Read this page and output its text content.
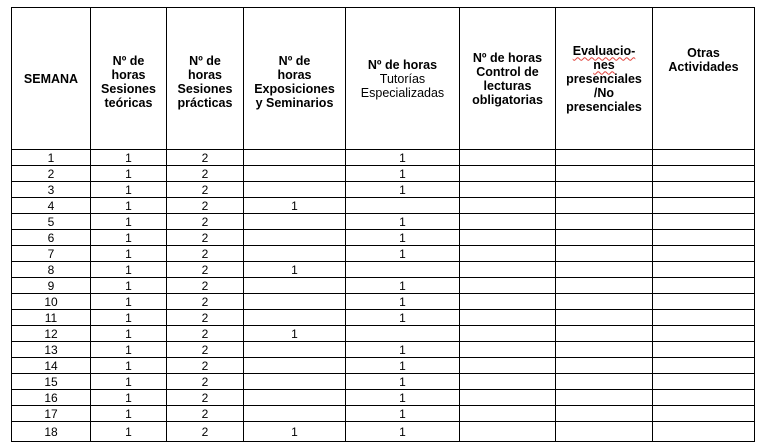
SEMANA	Nº de
horas
Sesiones
teóricas	Nº de
horas
Sesiones
prácticas	Nº de
horas
Exposiciones
y Seminarios	Nº de horas
Tutorías
Especializadas	Nº de horas
Control de
lecturas
obligatorias	Evaluacio-
nes
presenciales
/No
presenciales	Otras
Actividades
1	1	2		1			
2	1	2		1			
3	1	2		1			
4	1	2	1				
5	1	2		1			
6	1	2		1			
7	1	2		1			
8	1	2	1				
9	1	2		1			
10	1	2		1			
11	1	2		1			
12	1	2	1				
13	1	2		1			
14	1	2		1			
15	1	2		1			
16	1	2		1			
17	1	2		1			
18	1	2	1	1			
